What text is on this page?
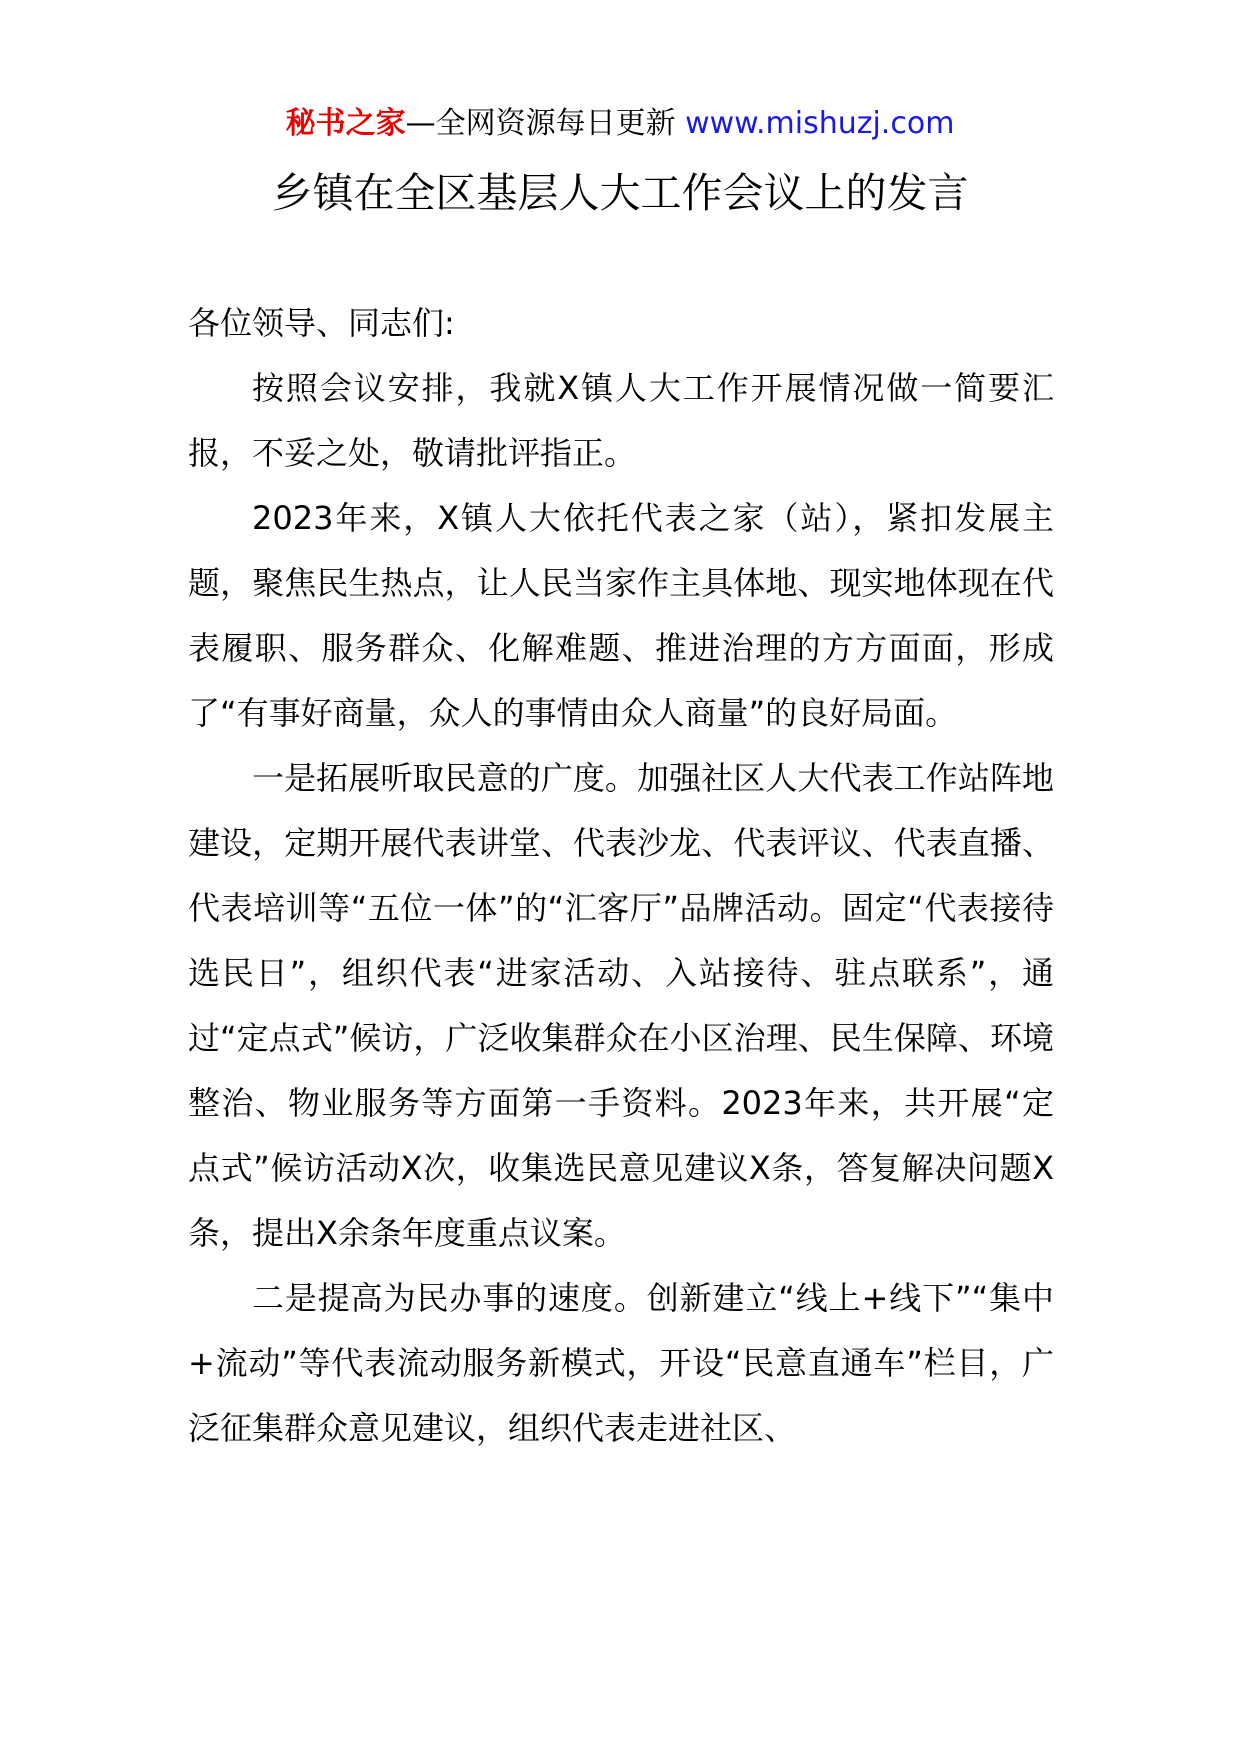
秘书之家—全网资源每日更新 www.mishuzj.com
乡镇在全区基层人大工作会议上的发言

各位领导、同志们:

按照会议安排，我就X镇人大工作开展情况做一简要汇报，不妥之处，敬请批评指正。

2023年来，X镇人大依托代表之家（站），紧扣发展主题，聚焦民生热点，让人民当家作主具体地、现实地体现在代表履职、服务群众、化解难题、推进治理的方方面面，形成了“有事好商量，众人的事情由众人商量”的良好局面。

一是拓展听取民意的广度。加强社区人大代表工作站阵地建设，定期开展代表讲堂、代表沙龙、代表评议、代表直播、代表培训等“五位一体”的“汇客厅”品牌活动。固定“代表接待选民日”，组织代表“进家活动、入站接待、驻点联系”，通过“定点式”候访，广泛收集群众在小区治理、民生保障、环境整治、物业服务等方面第一手资料。2023年来，共开展“定点式”候访活动X次，收集选民意见建议X条，答复解决问题X条，提出X余条年度重点议案。

二是提高为民办事的速度。创新建立“线上+线下”“集中+流动”等代表流动服务新模式，开设“民意直通车”栏目，广泛征集群众意见建议，组织代表走进社区、
